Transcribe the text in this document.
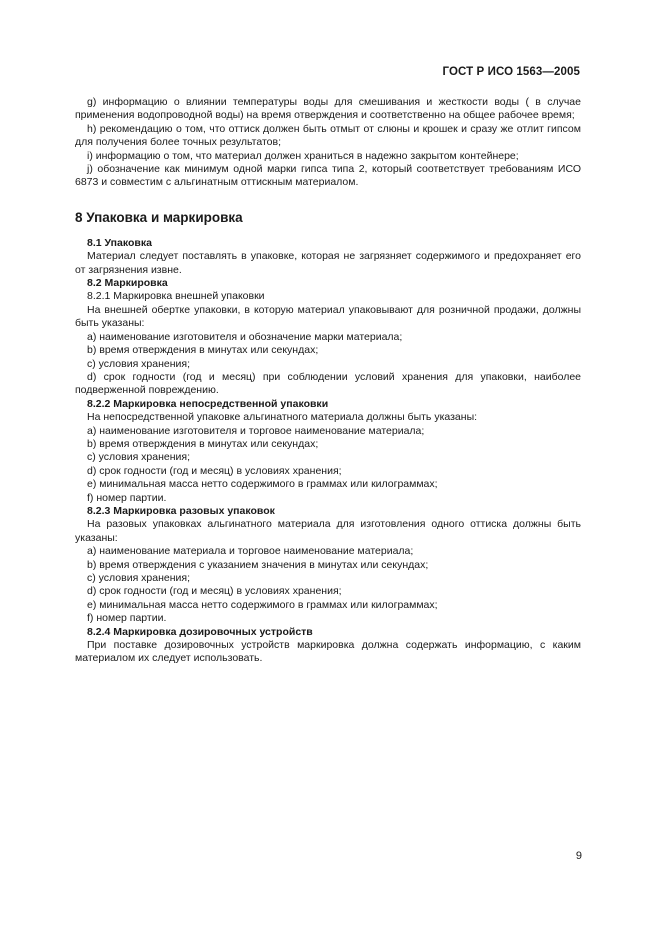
ГОСТ Р ИСО 1563—2005

g) информацию о влиянии температуры воды для смешивания и жесткости воды ( в случае применения водопроводной воды) на время отверждения и соответственно на общее рабочее время;

h) рекомендацию о том, что оттиск должен быть отмыт от слюны и крошек и сразу же отлит гипсом для получения более точных результатов;

i) информацию о том, что материал должен храниться в надежно закрытом контейнере;

j) обозначение как минимум одной марки гипса типа 2, который соответствует требованиям ИСО 6873 и совместим с альгинатным оттискным материалом.

8 Упаковка и маркировка

8.1 Упаковка

Материал следует поставлять в упаковке, которая не загрязняет содержимого и предохраняет его от загрязнения извне.

8.2 Маркировка

8.2.1 Маркировка внешней упаковки

На внешней обертке упаковки, в которую материал упаковывают для розничной продажи, должны быть указаны:

a) наименование изготовителя и обозначение марки материала;

b) время отверждения в минутах или секундах;

c) условия хранения;

d) срок годности (год и месяц) при соблюдении условий хранения для упаковки, наиболее подверженной повреждению.

8.2.2 Маркировка непосредственной упаковки

На непосредственной упаковке альгинатного материала должны быть указаны:

a) наименование изготовителя и торговое наименование материала;

b) время отверждения в минутах или секундах;

c) условия хранения;

d) срок годности (год и месяц) в условиях хранения;

e) минимальная масса нетто содержимого в граммах или килограммах;

f) номер партии.

8.2.3 Маркировка разовых упаковок

На разовых упаковках альгинатного материала для изготовления одного оттиска должны быть указаны:

a) наименование материала и торговое наименование материала;

b) время отверждения с указанием значения в минутах или секундах;

c) условия хранения;

d) срок годности (год и месяц) в условиях хранения;

e) минимальная масса нетто содержимого в граммах или килограммах;

f) номер партии.

8.2.4 Маркировка дозировочных устройств

При поставке дозировочных устройств маркировка должна содержать информацию, с каким материалом их следует использовать.

9
